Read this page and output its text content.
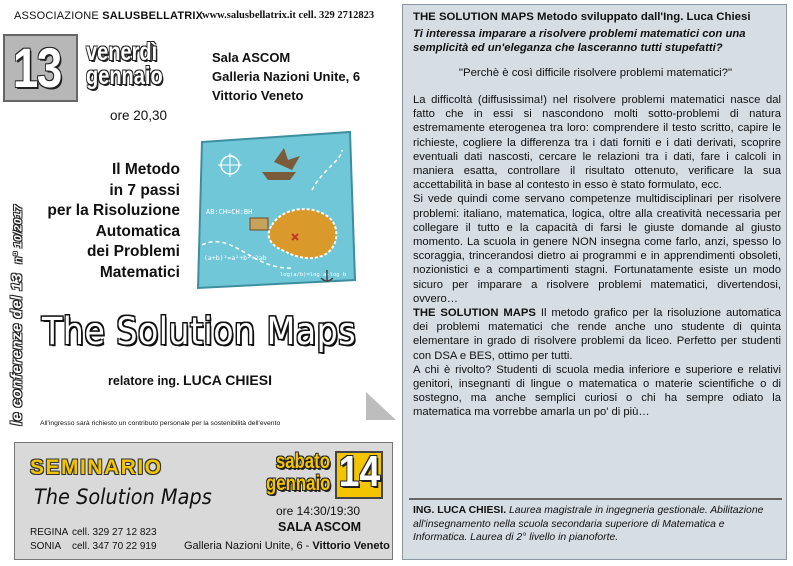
ASSOCIAZIONE SALUSBELLATRIX
www.salusbellatrix.it cell. 329 2712823
13 venerdì
gennaio
ore 20,30
Sala ASCOM
Galleria Nazioni Unite, 6
Vittorio Veneto
le conferenze del 13  n° 10/2017
Il Metodo
in 7 passi
per la Risoluzione
Automatica
dei Problemi
Matematici
AB:CH=CH:BH
(a+b)²=a²+b²+2ab
log(a/b)=log a-log b
The Solution Maps
relatore ing. LUCA CHIESI
All'ingresso sarà richiesto un contributo personale per la sostenibilità dell'evento
SEMINARIO
The Solution Maps
REGINA cell. 329 27 12 823
SONIA cell. 347 70 22 919
sabato
gennaio 14
ore 14:30/19:30
SALA ASCOM
Galleria Nazioni Unite, 6 - Vittorio Veneto
THE SOLUTION MAPS Metodo sviluppato dall'Ing. Luca Chiesi
Ti interessa imparare a risolvere problemi matematici con una semplicità ed un'eleganza che lasceranno tutti stupefatti?
"Perchè è così difficile risolvere problemi matematici?"

La difficoltà (diffusissima!) nel risolvere problemi matematici nasce dal fatto che in essi si nascondono molti sotto-problemi di natura estremamente eterogenea tra loro: comprendere il testo scritto, capire le richieste, cogliere la differenza tra i dati forniti e i dati derivati, scoprire eventuali dati nascosti, cercare le relazioni tra i dati, fare i calcoli in maniera esatta, controllare il risultato ottenuto, verificare la sua accettabilità in base al contesto in esso è stato formulato, ecc.

Si vede quindi come servano competenze multidisciplinari per risolvere problemi: italiano, matematica, logica, oltre alla creatività necessaria per collegare il tutto e la capacità di farsi le giuste domande al giusto momento. La scuola in genere NON insegna come farlo, anzi, spesso lo scoraggia, trincerandosi dietro ai programmi e in apprendimenti obsoleti, nozionistici e a compartimenti stagni. Fortunatamente esiste un modo sicuro per imparare a risolvere problemi matematici, divertendosi, ovvero…

THE SOLUTION MAPS Il metodo grafico per la risoluzione automatica dei problemi matematici che rende anche uno studente di quinta elementare in grado di risolvere problemi da liceo. Perfetto per studenti con DSA e BES, ottimo per tutti.

A chi è rivolto? Studenti di scuola media inferiore e superiore e relativi genitori, insegnanti di lingue o matematica o materie scientifiche o di sostegno, ma anche semplici curiosi o chi ha sempre odiato la matematica ma vorrebbe amarla un po' di più…

ING. LUCA CHIESI. Laurea magistrale in ingegneria gestionale. Abilitazione all'insegnamento nella scuola secondaria superiore di Matematica e Informatica. Laurea di 2° livello in pianoforte.
